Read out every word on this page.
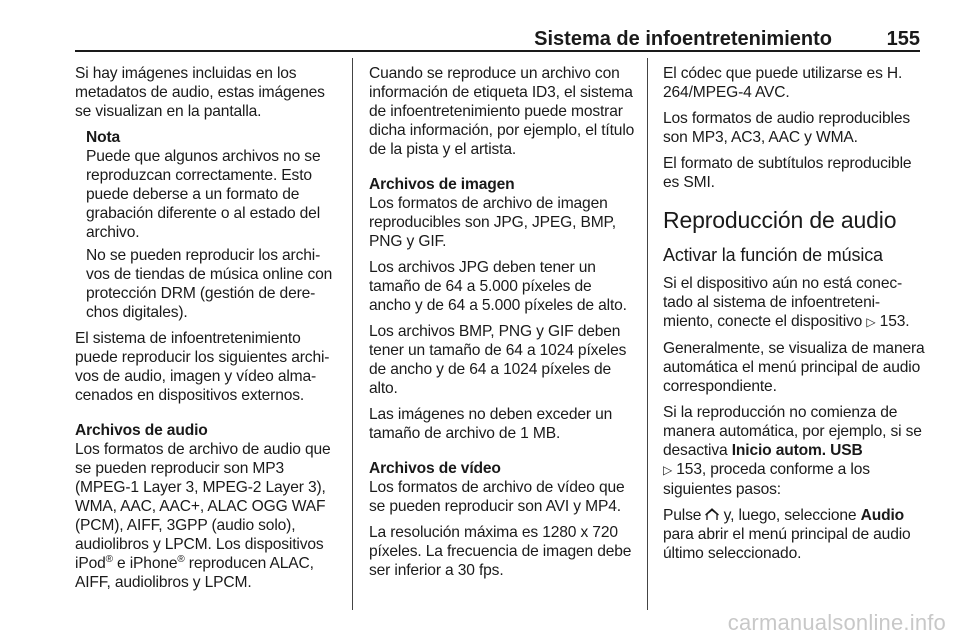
Sistema de infoentretenimiento	155

Si hay imágenes incluidas en los metadatos de audio, estas imágenes se visualizan en la pantalla.

Nota
Puede que algunos archivos no se reproduzcan correctamente. Esto puede deberse a un formato de grabación diferente o al estado del archivo.

No se pueden reproducir los archi-vos de tiendas de música online con protección DRM (gestión de dere-chos digitales).

El sistema de infoentretenimiento puede reproducir los siguientes archi-vos de audio, imagen y vídeo alma-cenados en dispositivos externos.

Archivos de audio
Los formatos de archivo de audio que se pueden reproducir son MP3 (MPEG-1 Layer 3, MPEG-2 Layer 3), WMA, AAC, AAC+, ALAC OGG WAF (PCM), AIFF, 3GPP (audio solo), audiolibros y LPCM. Los dispositivos iPod® e iPhone® reproducen ALAC, AIFF, audiolibros y LPCM.

Cuando se reproduce un archivo con información de etiqueta ID3, el sistema de infoentretenimiento puede mostrar dicha información, por ejemplo, el título de la pista y el artista.

Archivos de imagen
Los formatos de archivo de imagen reproducibles son JPG, JPEG, BMP, PNG y GIF.

Los archivos JPG deben tener un tamaño de 64 a 5.000 píxeles de ancho y de 64 a 5.000 píxeles de alto.

Los archivos BMP, PNG y GIF deben tener un tamaño de 64 a 1024 píxeles de ancho y de 64 a 1024 píxeles de alto.

Las imágenes no deben exceder un tamaño de archivo de 1 MB.

Archivos de vídeo
Los formatos de archivo de vídeo que se pueden reproducir son AVI y MP4.

La resolución máxima es 1280 x 720 píxeles. La frecuencia de imagen debe ser inferior a 30 fps.

El códec que puede utilizarse es H. 264/MPEG-4 AVC.

Los formatos de audio reproducibles son MP3, AC3, AAC y WMA.

El formato de subtítulos reproducible es SMI.

Reproducción de audio
Activar la función de música

Si el dispositivo aún no está conec-tado al sistema de infoentreteni-miento, conecte el dispositivo ▷ 153.

Generalmente, se visualiza de manera automática el menú principal de audio correspondiente.

Si la reproducción no comienza de manera automática, por ejemplo, si se desactiva Inicio autom. USB
▷ 153, proceda conforme a los siguientes pasos:

Pulse y, luego, seleccione Audio para abrir el menú principal de audio último seleccionado.

carmanualsonline.info
